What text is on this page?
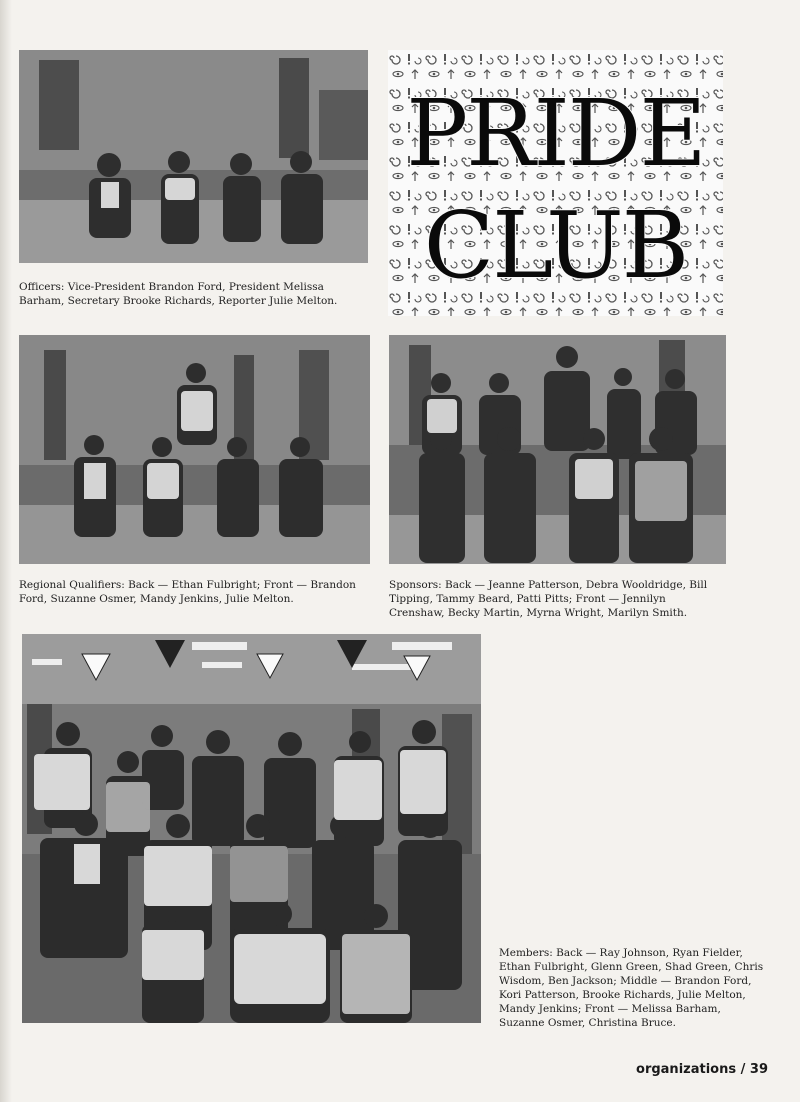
Officers: Vice-President Brandon Ford, President Melissa Barham, Secretary Brooke Richards, Reporter Julie Melton.
PRIDE
CLUB
Regional Qualifiers: Back — Ethan Fulbright; Front — Brandon Ford, Suzanne Osmer, Mandy Jenkins, Julie Melton.
Sponsors: Back — Jeanne Patterson, Debra Wooldridge, Bill Tipping, Tammy Beard, Patti Pitts; Front — Jennilyn Crenshaw, Becky Martin, Myrna Wright, Marilyn Smith.
Members: Back — Ray Johnson, Ryan Fielder, Ethan Fulbright, Glenn Green, Shad Green, Chris Wisdom, Ben Jackson; Middle — Brandon Ford, Kori Patterson, Brooke Richards, Julie Melton, Mandy Jenkins; Front — Melissa Barham, Suzanne Osmer, Christina Bruce.
organizations / 39
